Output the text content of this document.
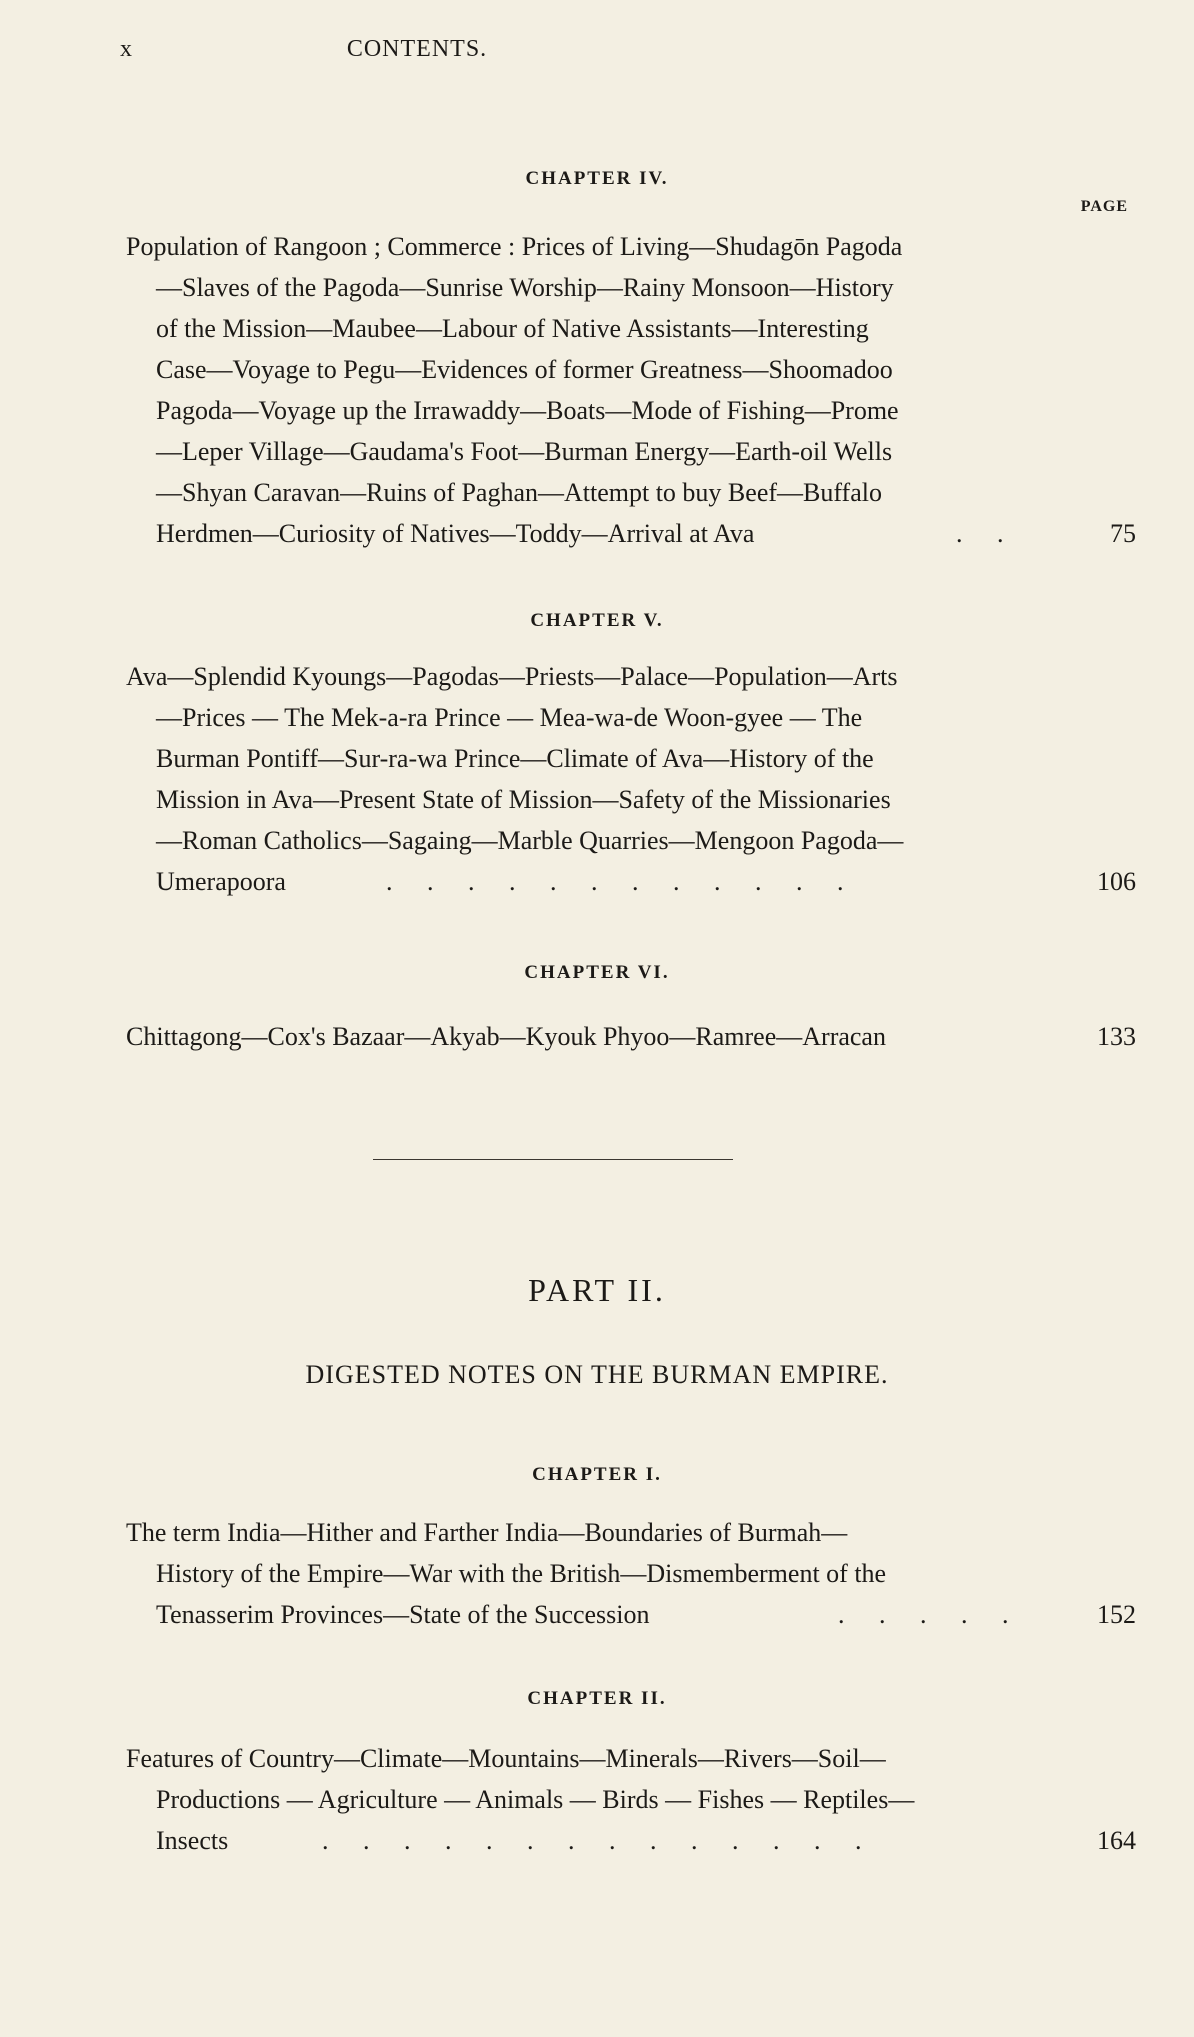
x	CONTENTS.
CHAPTER IV.
PAGE
Population of Rangoon ; Commerce : Prices of Living—Shudagōn Pagoda
—Slaves of the Pagoda—Sunrise Worship—Rainy Monsoon—History
of the Mission—Maubee—Labour of Native Assistants—Interesting
Case—Voyage to Pegu—Evidences of former Greatness—Shoomadoo
Pagoda—Voyage up the Irrawaddy—Boats—Mode of Fishing—Prome
—Leper Village—Gaudama's Foot—Burman Energy—Earth-oil Wells
—Shyan Caravan—Ruins of Paghan—Attempt to buy Beef—Buffalo
Herdmen—Curiosity of Natives—Toddy—Arrival at Ava	. .	75
CHAPTER V.
Ava—Splendid Kyoungs—Pagodas—Priests—Palace—Population—Arts
—Prices — The Mek-a-ra Prince — Mea-wa-de Woon-gyee — The
Burman Pontiff—Sur-ra-wa Prince—Climate of Ava—History of the
Mission in Ava—Present State of Mission—Safety of the Missionaries
—Roman Catholics—Sagaing—Marble Quarries—Mengoon Pagoda—
Umerapoora	. . . . . . . . . . . .	106
CHAPTER VI.
Chittagong—Cox's Bazaar—Akyab—Kyouk Phyoo—Ramree—Arracan	133
PART II.
DIGESTED NOTES ON THE BURMAN EMPIRE.
CHAPTER I.
The term India—Hither and Farther India—Boundaries of Burmah—
History of the Empire—War with the British—Dismemberment of the
Tenasserim Provinces—State of the Succession	. . . . .	152
CHAPTER II.
Features of Country—Climate—Mountains—Minerals—Rivers—Soil—
Productions — Agriculture — Animals — Birds — Fishes — Reptiles—
Insects	. . . . . . . . . . . . . .	164
